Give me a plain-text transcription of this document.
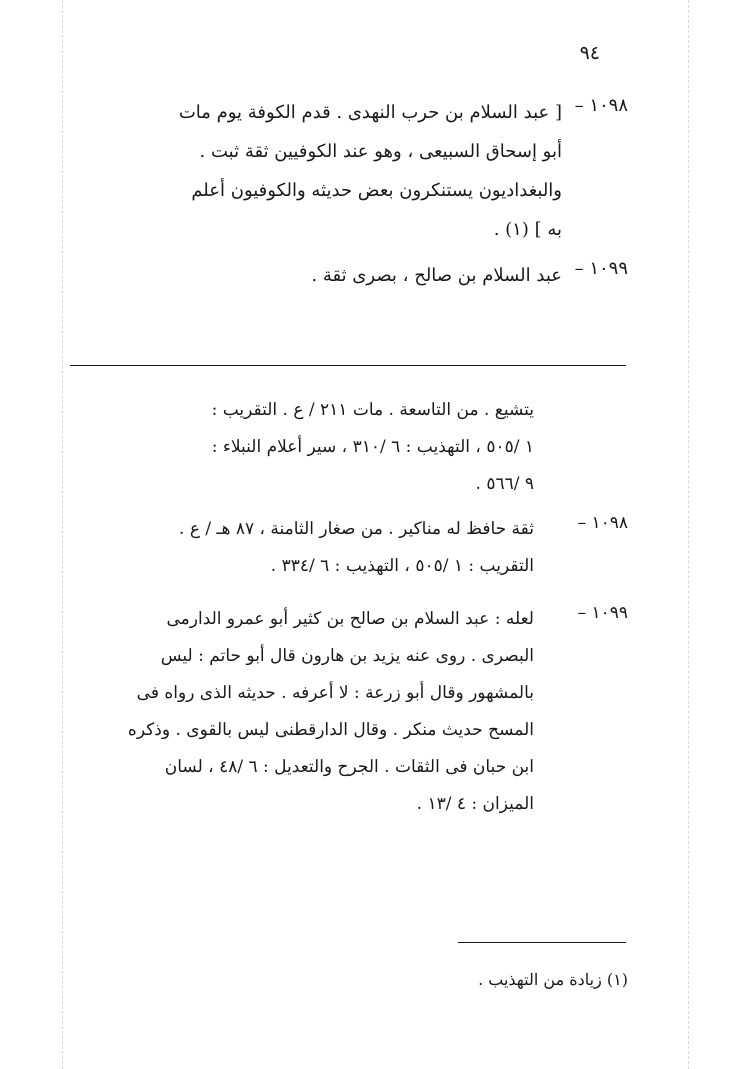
٩٤
١٠٩٨ –
[ عبد السلام بن حرب النهدى . قدم الكوفة يوم مات
أبو إسحاق السبيعى ، وهو عند الكوفيين ثقة ثبت .
والبغداديون يستنكرون بعض حديثه والكوفيون أعلم
به ] (١) .
١٠٩٩ –
عبد السلام بن صالح ، بصرى ثقة .
يتشيع . من التاسعة . مات ٢١١ / ع . التقريب :
١ /٥٠٥ ، التهذيب : ٦ /٣١٠ ، سير أعلام النبلاء :
٩ /٥٦٦ .
١٠٩٨ –
ثقة حافظ له مناكير . من صغار الثامنة ، ٨٧ هـ / ع .
التقريب : ١ /٥٠٥ ، التهذيب : ٦ /٣٣٤ .
١٠٩٩ –
لعله : عبد السلام بن صالح بن كثير أبو عمرو الدارمى
البصرى . روى عنه يزيد بن هارون قال أبو حاتم : ليس
بالمشهور وقال أبو زرعة : لا أعرفه . حديثه الذى رواه فى
المسح حديث منكر . وقال الدارقطنى ليس بالقوى . وذكره
ابن حبان فى الثقات . الجرح والتعديل : ٦ /٤٨ ، لسان
الميزان : ٤ /١٣ .
(١) زيادة من التهذيب .
